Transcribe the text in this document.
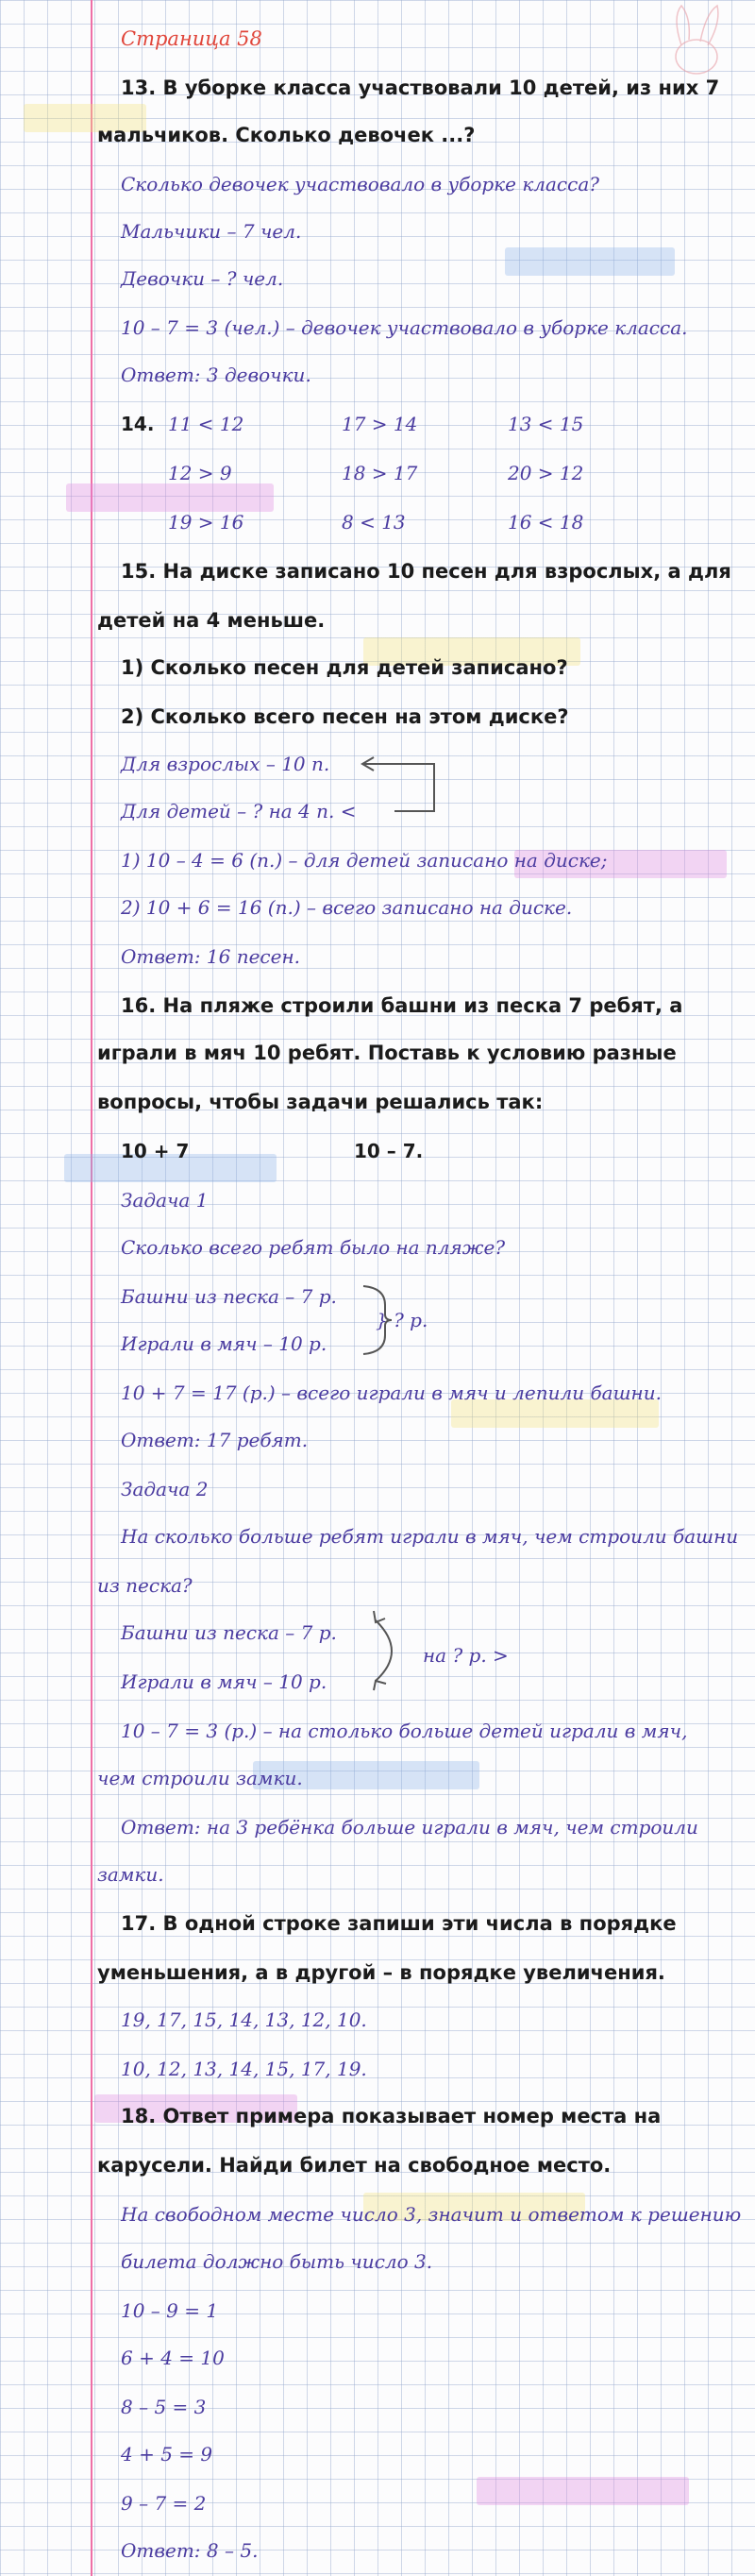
Страница 58
13. В уборке класса участвовали 10 детей, из них 7
мальчиков. Сколько девочек ...?
Сколько девочек участвовало в уборке класса?
Мальчики – 7 чел.
Девочки – ? чел.
10 – 7 = 3 (чел.) – девочек участвовало в уборке класса.
Ответ: 3 девочки.
14. 11 < 12	17 > 14	13 < 15
12 > 9	18 > 17	20 > 12
19 > 16	8 < 13	16 < 18
15. На диске записано 10 песен для взрослых, а для
детей на 4 меньше.
1) Сколько песен для детей записано?
2) Сколько всего песен на этом диске?
Для взрослых – 10 п.
Для детей – ? на 4 п. <
1) 10 – 4 = 6 (п.) – для детей записано на диске;
2) 10 + 6 = 16 (п.) – всего записано на диске.
Ответ: 16 песен.
16. На пляже строили башни из песка 7 ребят, а
играли в мяч 10 ребят. Поставь к условию разные
вопросы, чтобы задачи решались так:
10 + 7	10 – 7.
Задача 1
Сколько всего ребят было на пляже?
Башни из песка – 7 р.
Играли в мяч – 10 р.
} ? р.
10 + 7 = 17 (р.) – всего играли в мяч и лепили башни.
Ответ: 17 ребят.
Задача 2
На сколько больше ребят играли в мяч, чем строили башни
из песка?
Башни из песка – 7 р.
Играли в мяч – 10 р.
на ? р. >
10 – 7 = 3 (р.) – на столько больше детей играли в мяч,
чем строили замки.
Ответ: на 3 ребёнка больше играли в мяч, чем строили
замки.
17. В одной строке запиши эти числа в порядке
уменьшения, а в другой – в порядке увеличения.
19, 17, 15, 14, 13, 12, 10.
10, 12, 13, 14, 15, 17, 19.
18. Ответ примера показывает номер места на
карусели. Найди билет на свободное место.
На свободном месте число 3, значит и ответом к решению
билета должно быть число 3.
10 – 9 = 1
6 + 4 = 10
8 – 5 = 3
4 + 5 = 9
9 – 7 = 2
Ответ: 8 – 5.
